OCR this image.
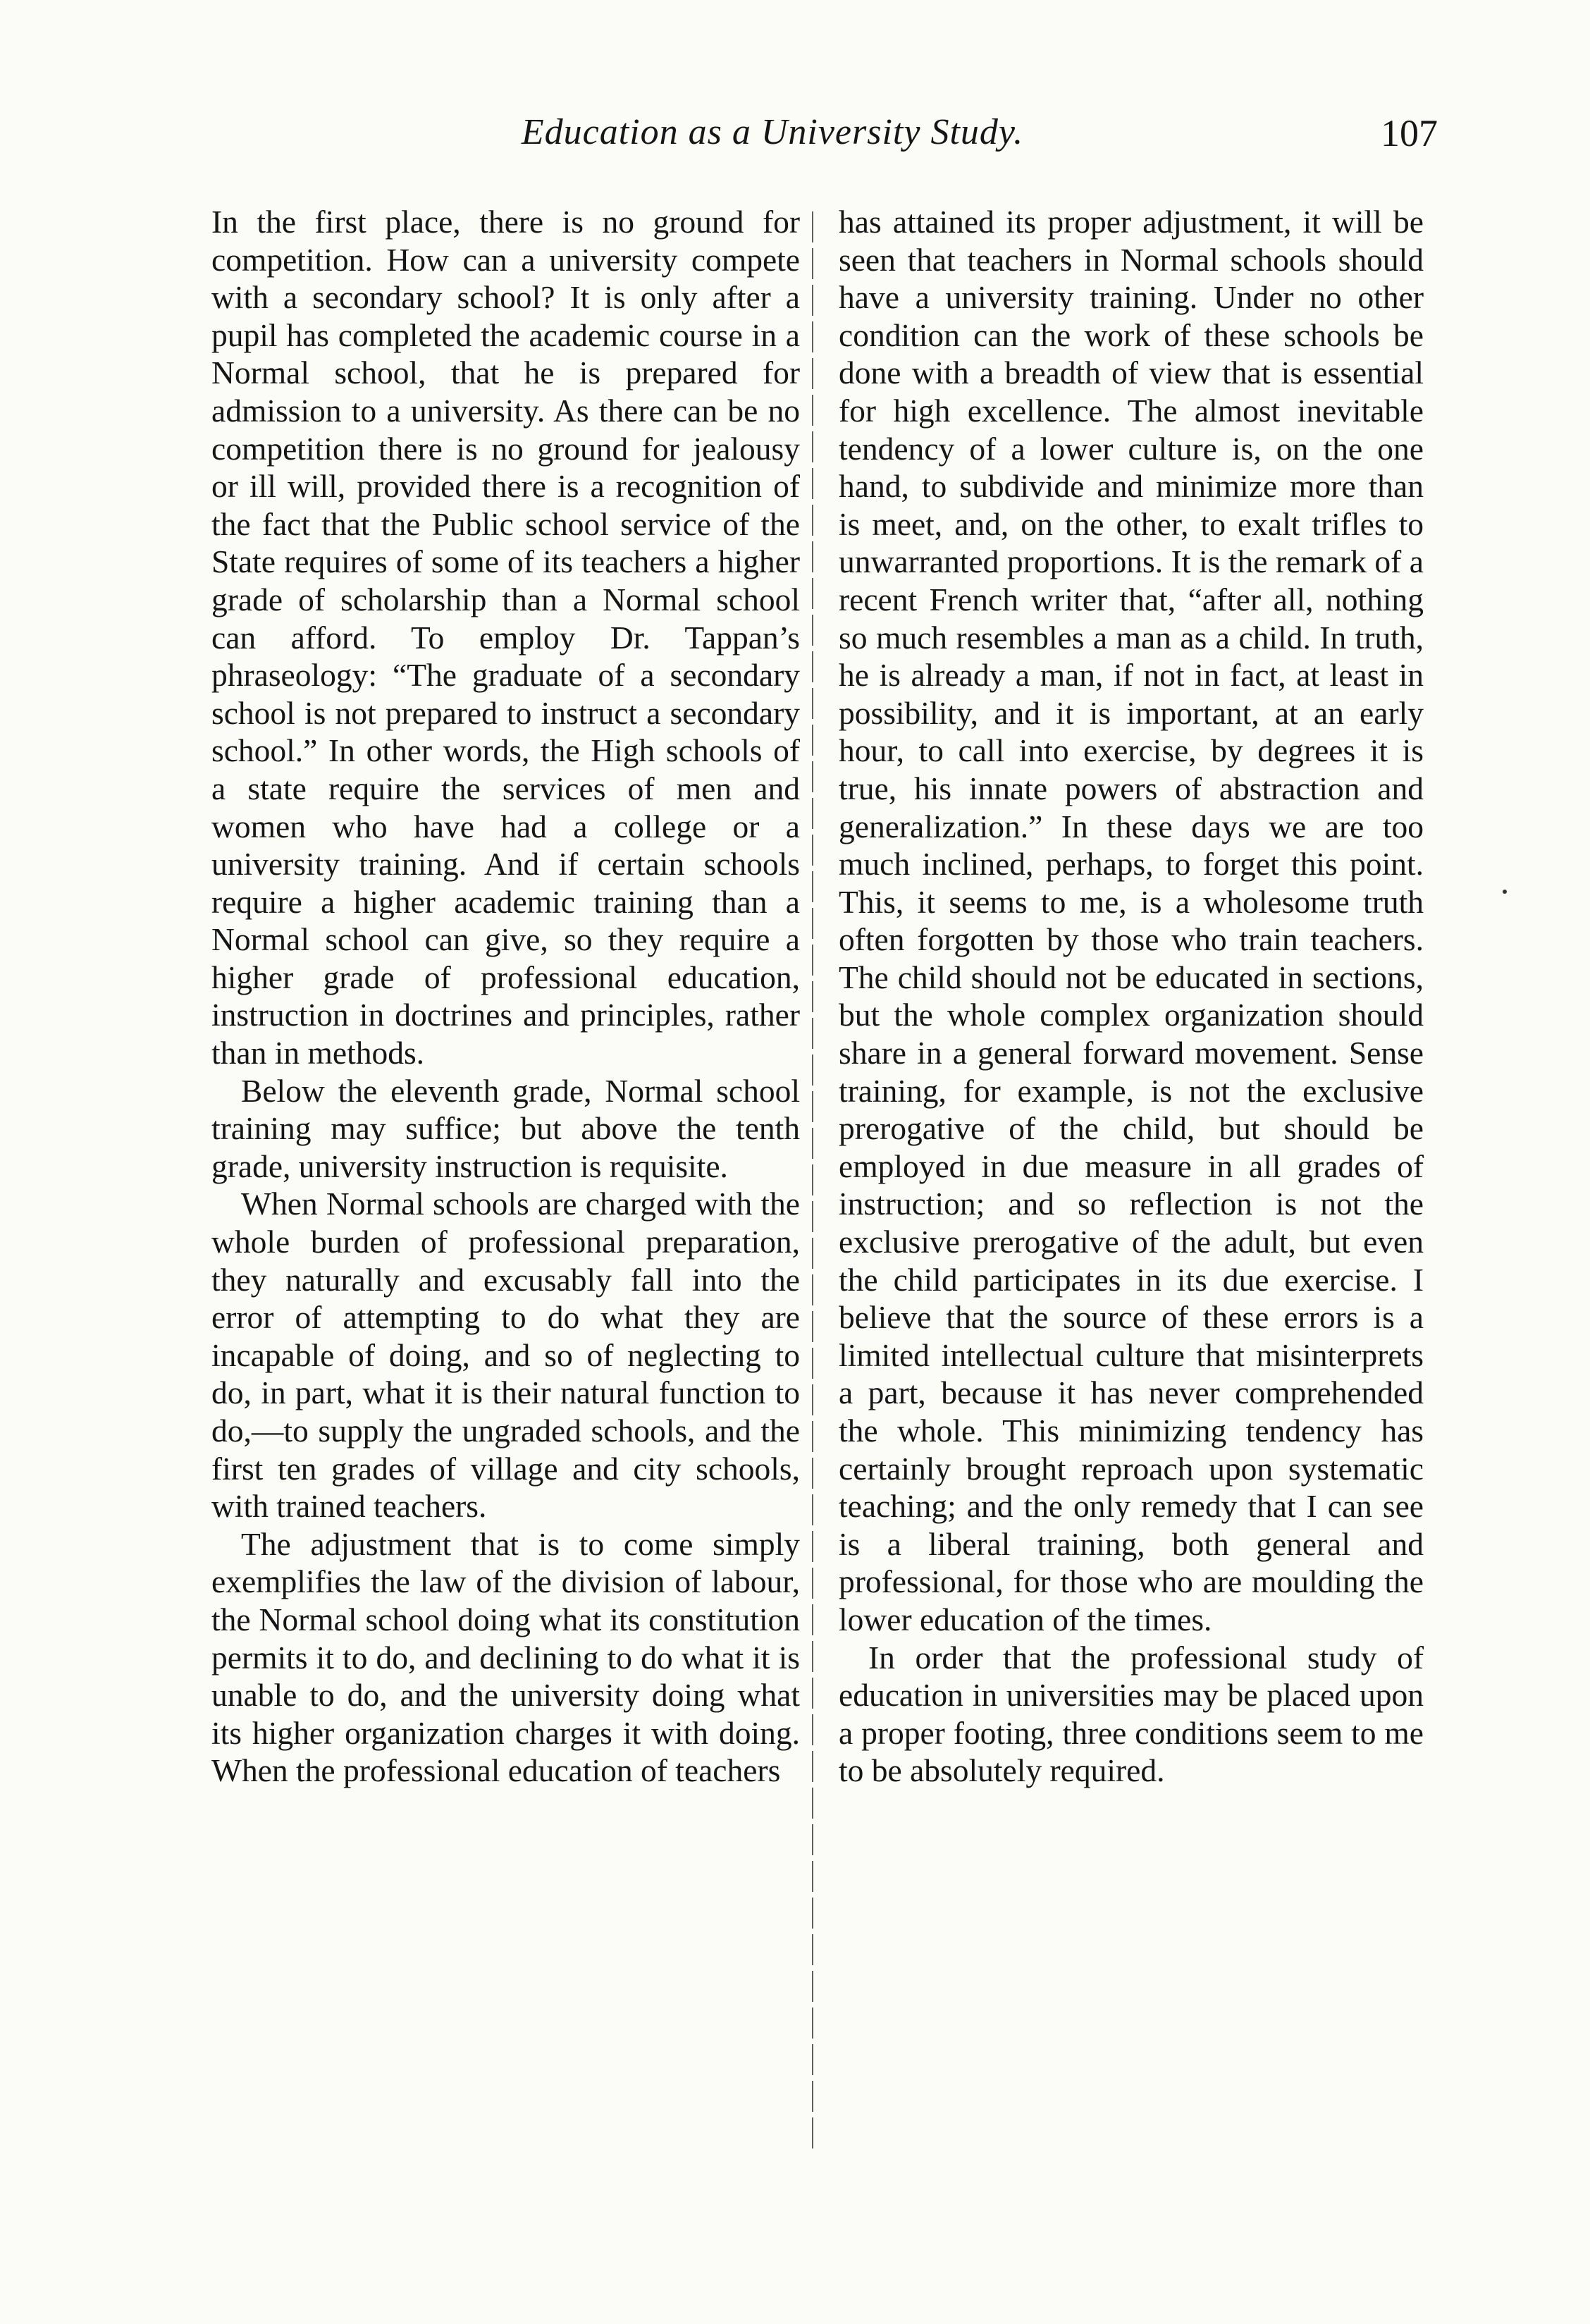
Education as a University Study.	107

In the first place, there is no ground for competition. How can a university compete with a secondary school? It is only after a pupil has completed the academic course in a Normal school, that he is prepared for admission to a university. As there can be no competition there is no ground for jealousy or ill will, provided there is a recognition of the fact that the Public school service of the State requires of some of its teachers a higher grade of scholarship than a Normal school can afford. To employ Dr. Tappan’s phraseology: “The graduate of a secondary school is not prepared to instruct a secondary school.” In other words, the High schools of a state require the services of men and women who have had a college or a university training. And if certain schools require a higher academic training than a Normal school can give, so they require a higher grade of professional education, instruction in doctrines and principles, rather than in methods.

Below the eleventh grade, Normal school training may suffice; but above the tenth grade, university instruction is requisite.

When Normal schools are charged with the whole burden of professional preparation, they naturally and excusably fall into the error of attempting to do what they are incapable of doing, and so of neglecting to do, in part, what it is their natural function to do,—to supply the ungraded schools, and the first ten grades of village and city schools, with trained teachers.

The adjustment that is to come simply exemplifies the law of the division of labour, the Normal school doing what its constitution permits it to do, and declining to do what it is unable to do, and the university doing what its higher organization charges it with doing. When the professional education of teachers

has attained its proper adjustment, it will be seen that teachers in Normal schools should have a university training. Under no other condition can the work of these schools be done with a breadth of view that is essential for high excellence. The almost inevitable tendency of a lower culture is, on the one hand, to subdivide and minimize more than is meet, and, on the other, to exalt trifles to unwarranted proportions. It is the remark of a recent French writer that, “after all, nothing so much resembles a man as a child. In truth, he is already a man, if not in fact, at least in possibility, and it is important, at an early hour, to call into exercise, by degrees it is true, his innate powers of abstraction and generalization.” In these days we are too much inclined, perhaps, to forget this point. This, it seems to me, is a wholesome truth often forgotten by those who train teachers. The child should not be educated in sections, but the whole complex organization should share in a general forward movement. Sense training, for example, is not the exclusive prerogative of the child, but should be employed in due measure in all grades of instruction; and so reflection is not the exclusive prerogative of the adult, but even the child participates in its due exercise. I believe that the source of these errors is a limited intellectual culture that misinterprets a part, because it has never comprehended the whole. This minimizing tendency has certainly brought reproach upon systematic teaching; and the only remedy that I can see is a liberal training, both general and professional, for those who are moulding the lower education of the times.

In order that the professional study of education in universities may be placed upon a proper footing, three conditions seem to me to be absolutely required.
